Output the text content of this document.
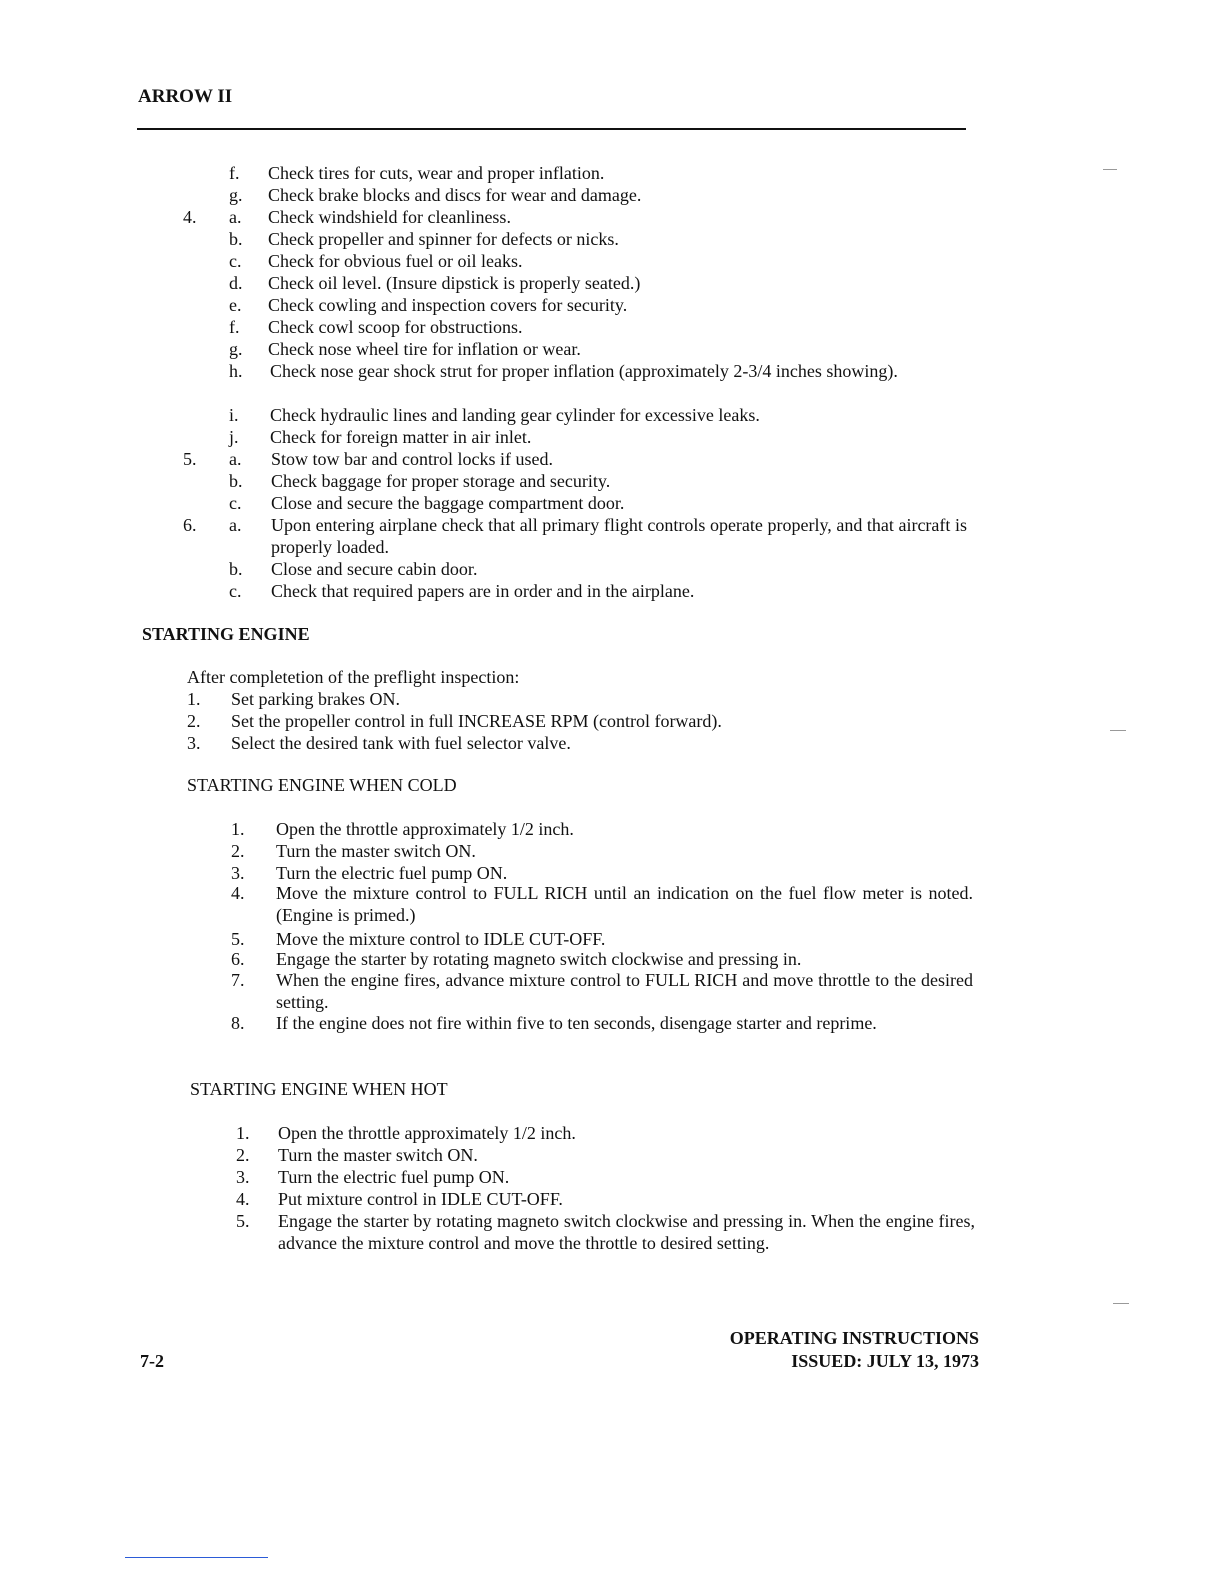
ARROW II
f. Check tires for cuts, wear and proper inflation.
g. Check brake blocks and discs for wear and damage.
4. a. Check windshield for cleanliness.
b. Check propeller and spinner for defects or nicks.
c. Check for obvious fuel or oil leaks.
d. Check oil level. (Insure dipstick is properly seated.)
e. Check cowling and inspection covers for security.
f. Check cowl scoop for obstructions.
g. Check nose wheel tire for inflation or wear.
h. Check nose gear shock strut for proper inflation (approximately 2-3/4 inches showing).
i. Check hydraulic lines and landing gear cylinder for excessive leaks.
j. Check for foreign matter in air inlet.
5. a. Stow tow bar and control locks if used.
b. Check baggage for proper storage and security.
c. Close and secure the baggage compartment door.
6. a. Upon entering airplane check that all primary flight controls operate properly, and that aircraft is properly loaded.
b. Close and secure cabin door.
c. Check that required papers are in order and in the airplane.
STARTING ENGINE
After completetion of the preflight inspection:
1. Set parking brakes ON.
2. Set the propeller control in full INCREASE RPM (control forward).
3. Select the desired tank with fuel selector valve.
STARTING ENGINE WHEN COLD
1. Open the throttle approximately 1/2 inch.
2. Turn the master switch ON.
3. Turn the electric fuel pump ON.
4. Move the mixture control to FULL RICH until an indication on the fuel flow meter is noted. (Engine is primed.)
5. Move the mixture control to IDLE CUT-OFF.
6. Engage the starter by rotating magneto switch clockwise and pressing in.
7. When the engine fires, advance mixture control to FULL RICH and move throttle to the desired setting.
8. If the engine does not fire within five to ten seconds, disengage starter and reprime.
STARTING ENGINE WHEN HOT
1. Open the throttle approximately 1/2 inch.
2. Turn the master switch ON.
3. Turn the electric fuel pump ON.
4. Put mixture control in IDLE CUT-OFF.
5. Engage the starter by rotating magneto switch clockwise and pressing in. When the engine fires, advance the mixture control and move the throttle to desired setting.
OPERATING INSTRUCTIONS
ISSUED: JULY 13, 1973
7-2
